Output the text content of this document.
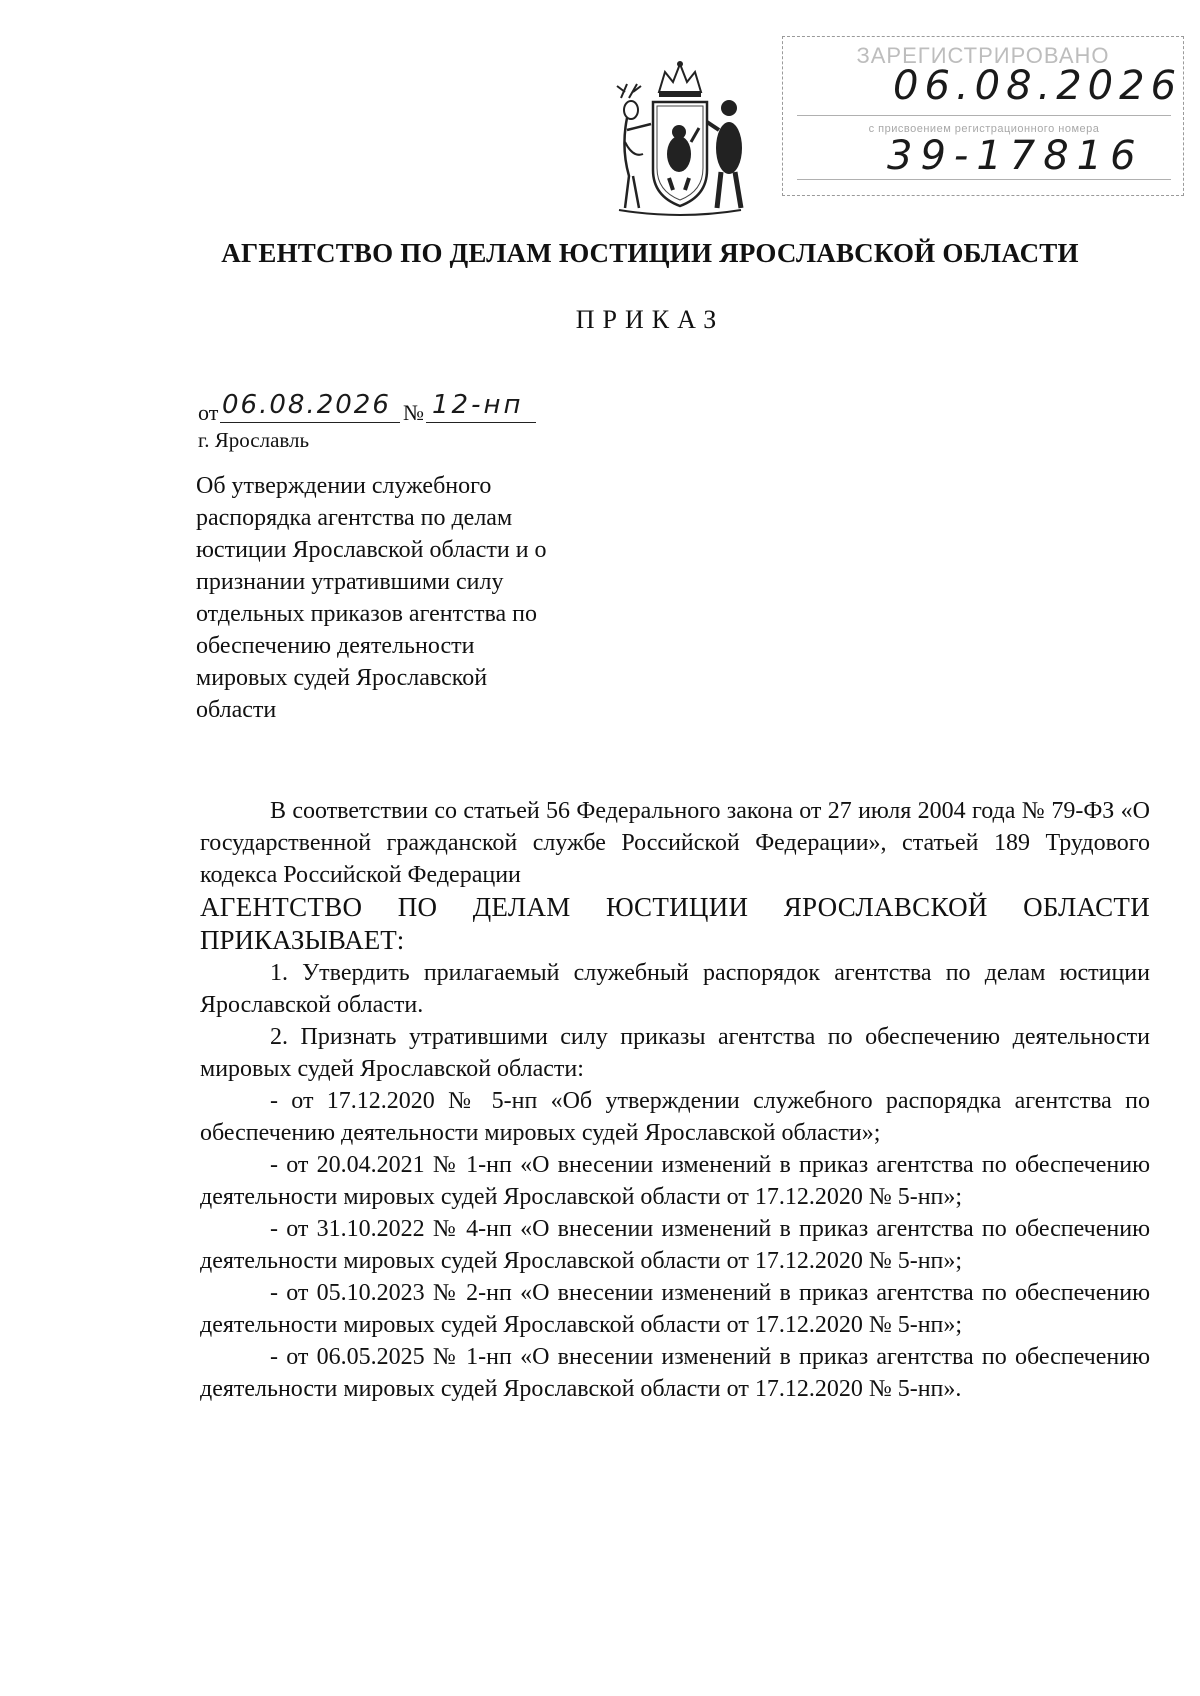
ЗАРЕГИСТРИРОВАНО
06.08.2026
с присвоением регистрационного номера
39-17816
АГЕНТСТВО ПО ДЕЛАМ ЮСТИЦИИ ЯРОСЛАВСКОЙ ОБЛАСТИ
ПРИКАЗ
от 06.08.2026 № 12-нп
г. Ярославль
Об утверждении служебного
распорядка агентства по делам
юстиции Ярославской области и о
признании утратившими силу
отдельных приказов агентства по
обеспечению деятельности
мировых судей Ярославской
области
В соответствии со статьей 56 Федерального закона от 27 июля 2004 года № 79-ФЗ «О государственной гражданской службе Российской Федерации», статьей 189 Трудового кодекса Российской Федерации
АГЕНТСТВО ПО ДЕЛАМ ЮСТИЦИИ ЯРОСЛАВСКОЙ ОБЛАСТИ
ПРИКАЗЫВАЕТ:
1. Утвердить прилагаемый служебный распорядок агентства по делам юстиции Ярославской области.
2. Признать утратившими силу приказы агентства по обеспечению деятельности мировых судей Ярославской области:
- от 17.12.2020 № 5-нп «Об утверждении служебного распорядка агентства по обеспечению деятельности мировых судей Ярославской области»;
- от 20.04.2021 № 1-нп «О внесении изменений в приказ агентства по обеспечению деятельности мировых судей Ярославской области от 17.12.2020 № 5-нп»;
- от 31.10.2022 № 4-нп «О внесении изменений в приказ агентства по обеспечению деятельности мировых судей Ярославской области от 17.12.2020 № 5-нп»;
- от 05.10.2023 № 2-нп «О внесении изменений в приказ агентства по обеспечению деятельности мировых судей Ярославской области от 17.12.2020 № 5-нп»;
- от 06.05.2025 № 1-нп «О внесении изменений в приказ агентства по обеспечению деятельности мировых судей Ярославской области от 17.12.2020 № 5-нп».
